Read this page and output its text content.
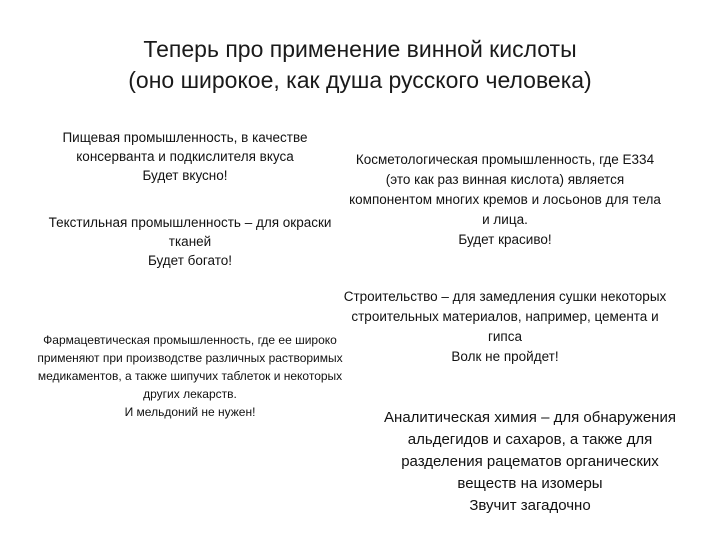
Теперь про применение винной кислоты
(оно широкое, как душа русского человека)
Пищевая промышленность, в качестве
консерванта и подкислителя вкуса
Будет вкусно!
Текстильная промышленность – для окраски
тканей
Будет богато!
Фармацевтическая промышленность, где ее широко
применяют при производстве различных растворимых
медикаментов, а также шипучих таблеток и некоторых
других лекарств.
И мельдоний не нужен!
Косметологическая промышленность, где Е334
(это как раз винная кислота) является
компонентом многих кремов и лосьонов для тела
и лица.
Будет красиво!
Строительство – для замедления сушки некоторых
строительных материалов, например, цемента и
гипса
Волк не пройдет!
Аналитическая химия – для обнаружения
альдегидов и сахаров, а также для
разделения рацематов органических
веществ на изомеры
Звучит загадочно
